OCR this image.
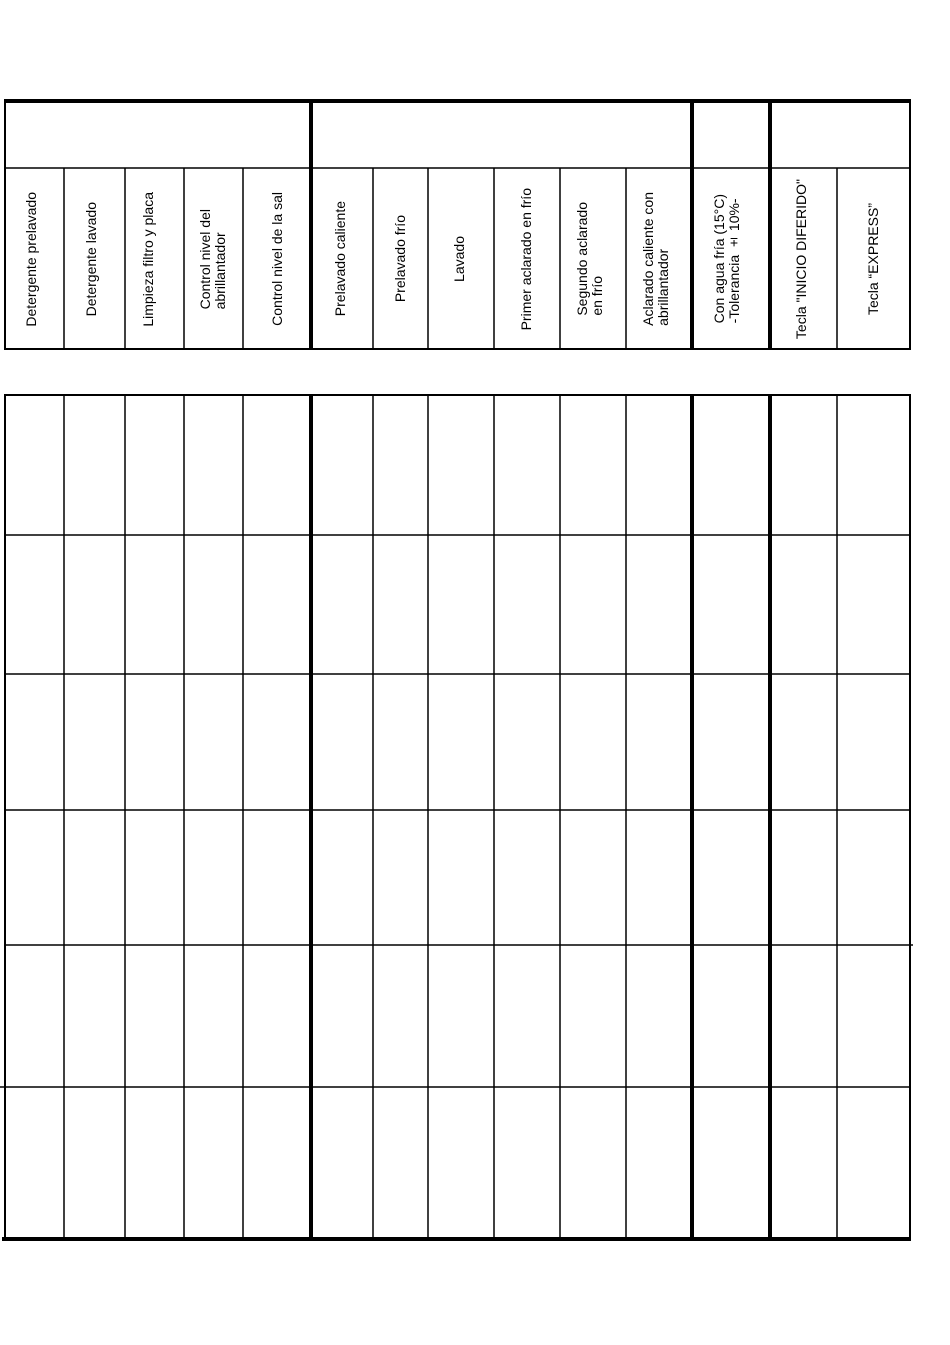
Detergente prelavado	Detergente lavado	Limpieza filtro y placa	Control nivel del
abrillantador	Control nivel de la sal	Prelavado caliente	Prelavado frío	Lavado	Primer aclarado en frío	Segundo aclarado
en frío	Aclarado caliente con
abrillantador	Con agua fría (15°C)
-Tolerancia ± 10%-	Tecla "INICIO DIFERIDO"	Tecla “EXPRESS”
